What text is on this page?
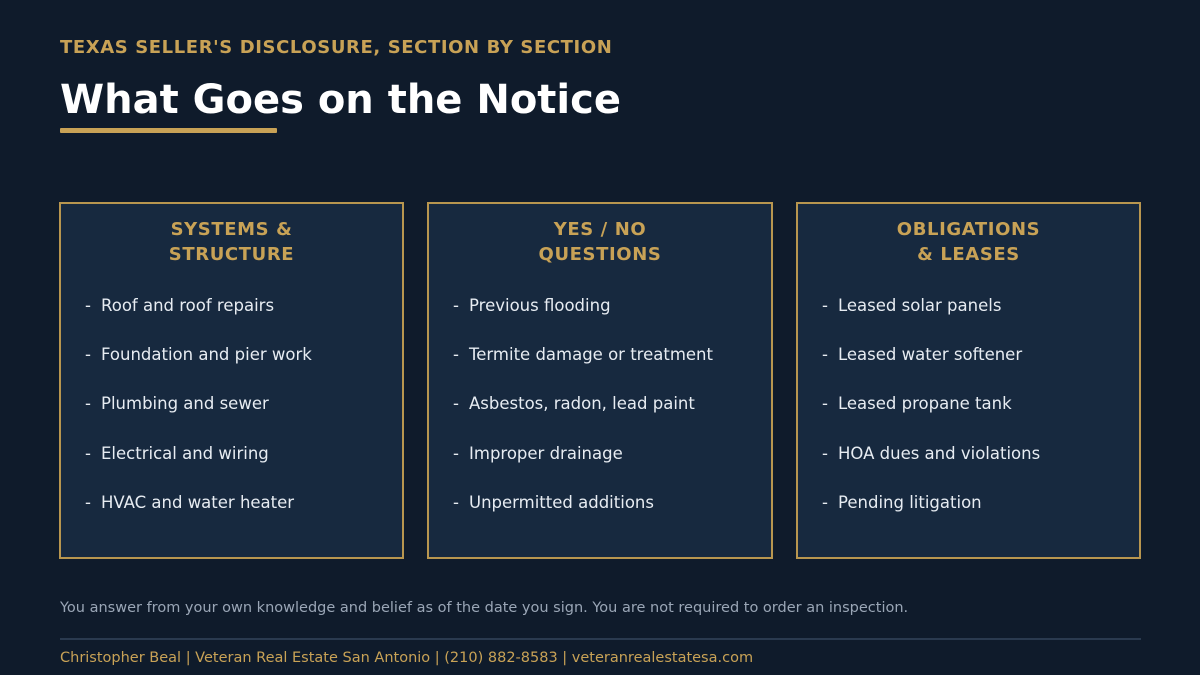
TEXAS SELLER'S DISCLOSURE, SECTION BY SECTION
What Goes on the Notice
SYSTEMS &
STRUCTURE
- Roof and roof repairs
- Foundation and pier work
- Plumbing and sewer
- Electrical and wiring
- HVAC and water heater
YES / NO
QUESTIONS
- Previous flooding
- Termite damage or treatment
- Asbestos, radon, lead paint
- Improper drainage
- Unpermitted additions
OBLIGATIONS
& LEASES
- Leased solar panels
- Leased water softener
- Leased propane tank
- HOA dues and violations
- Pending litigation
You answer from your own knowledge and belief as of the date you sign. You are not required to order an inspection.
Christopher Beal | Veteran Real Estate San Antonio | (210) 882-8583 | veteranrealestatesa.com
